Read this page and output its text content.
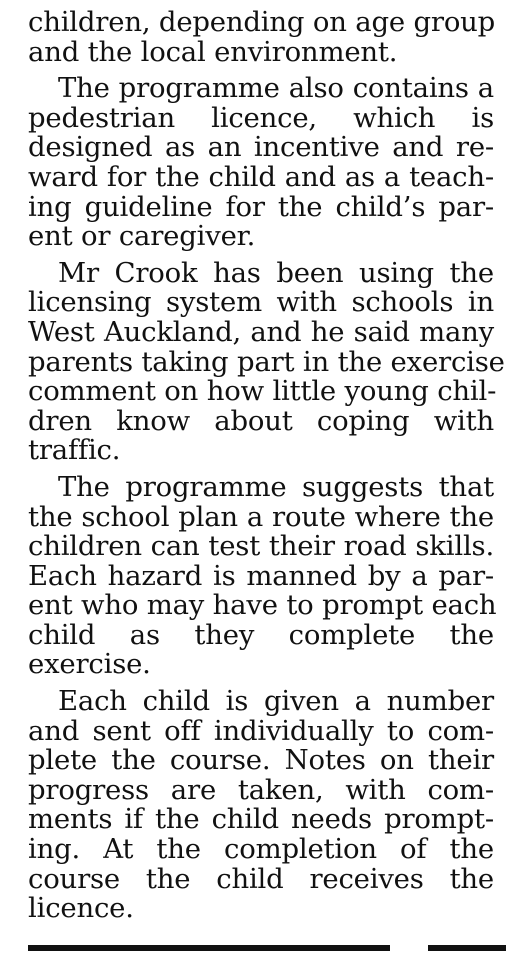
children, depending on age group
and the local environment.
The programme also contains a
pedestrian licence, which is
designed as an incentive and re-
ward for the child and as a teach-
ing guideline for the child’s par-
ent or caregiver.
Mr Crook has been using the
licensing system with schools in
West Auckland, and he said many
parents taking part in the exercise
comment on how little young chil-
dren know about coping with
traffic.
The programme suggests that
the school plan a route where the
children can test their road skills.
Each hazard is manned by a par-
ent who may have to prompt each
child as they complete the
exercise.
Each child is given a number
and sent off individually to com-
plete the course. Notes on their
progress are taken, with com-
ments if the child needs prompt-
ing. At the completion of the
course the child receives the
licence.
